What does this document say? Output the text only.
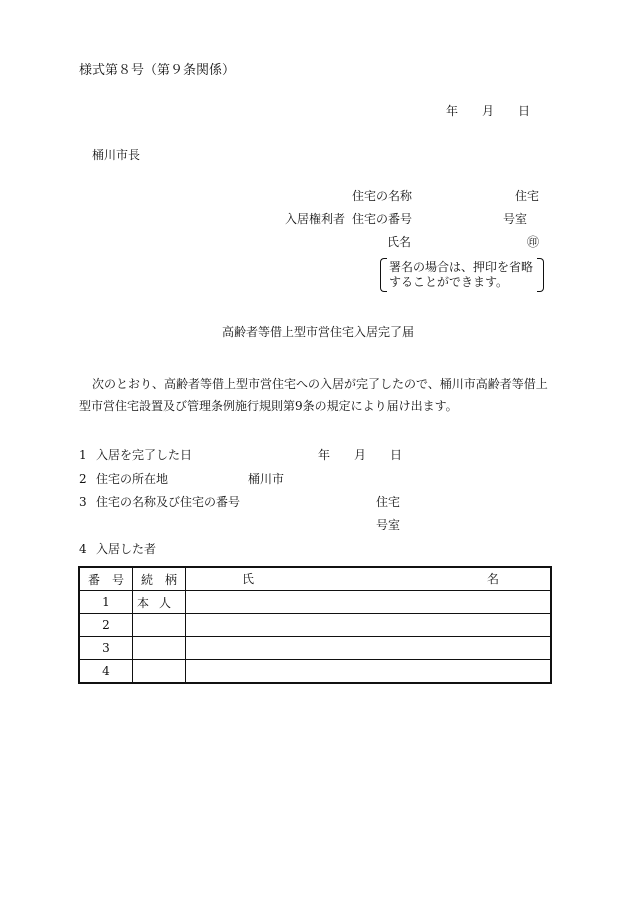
様式第８号（第９条関係）
年　　月　　日
桶川市長
住宅の名称	住宅
入居権利者 住宅の番号	号室
氏名	㊞
署名の場合は、押印を省略
することができます。
高齢者等借上型市営住宅入居完了届
次のとおり、高齢者等借上型市営住宅への入居が完了したので、桶川市高齢者等借上型市営住宅設置及び管理条例施行規則第9条の規定により届け出ます。
1 入居を完了した日	年　　月　　日
2 住宅の所在地	桶川市
3 住宅の名称及び住宅の番号	住宅
号室
4 入居した者
番　号	続　柄	氏 名

1	本人	
2		
3		
4		
